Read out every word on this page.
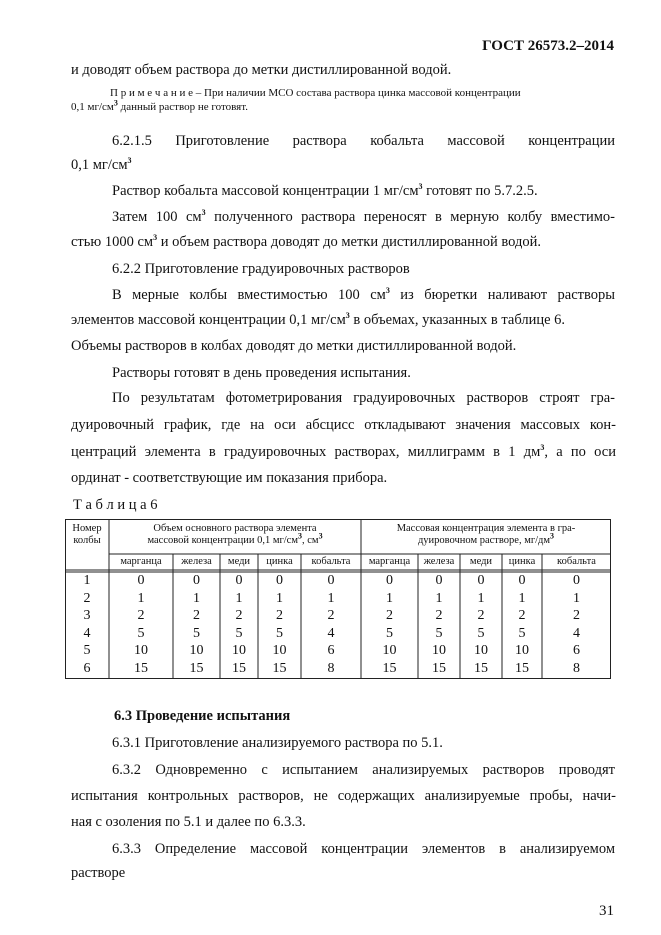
ГОСТ 26573.2–2014
и доводят объем раствора до метки дистиллированной водой.
П р и м е ч а н и е – При наличии МСО состава раствора цинка массовой концентрации
0,1 $мг/см^3$ данный раствор не готовят.
6.2.1.5 Приготовление раствора кобальта массовой концентрации
0,1 $мг/см^3$
Раствор кобальта массовой концентрации 1 $мг/см^3$ готовят по 5.7.2.5.
Затем 100 $см^3$ полученного раствора переносят в мерную колбу вместимо-
стью 1000 $см^3$ и объем раствора доводят до метки дистиллированной водой.
6.2.2 Приготовление градуировочных растворов
В мерные колбы вместимостью 100 $см^3$ из бюретки наливают растворы
элементов массовой концентрации 0,1 $мг/см^3$ в объемах, указанных в таблице 6.
Объемы растворов в колбах доводят до метки дистиллированной водой.
Растворы готовят в день проведения испытания.
По результатам фотометрирования градуировочных растворов строят гра-
дуировочный график, где на оси абсцисс откладывают значения массовых кон-
центраций элемента в градуировочных растворах, миллиграмм в 1 $дм^3$, а по оси
ординат - соответствующие им показания прибора.
Т а б л и ц а 6
Номер
колбы
Объем основного раствора элемента
массовой концентрации 0,1 $мг/см^3$, $см^3$
Массовая концентрация элемента в гра-
дуировочном растворе, $мг/дм^3$
марганца	железа	меди	цинка	кобальта	марганца	железа	меди	цинка	кобальта
1	0	0	0	0	0	0	0	0	0	0
2	1	1	1	1	1	1	1	1	1	1
3	2	2	2	2	2	2	2	2	2	2
4	5	5	5	5	4	5	5	5	5	4
5	10	10	10	10	6	10	10	10	10	6
6	15	15	15	15	8	15	15	15	15	8
6.3 Проведение испытания
6.3.1 Приготовление анализируемого раствора по 5.1.
6.3.2 Одновременно с испытанием анализируемых растворов проводят
испытания контрольных растворов, не содержащих анализируемые пробы, начи-
ная с озоления по 5.1 и далее по 6.3.3.
6.3.3 Определение массовой концентрации элементов в анализируемом
растворе
31
